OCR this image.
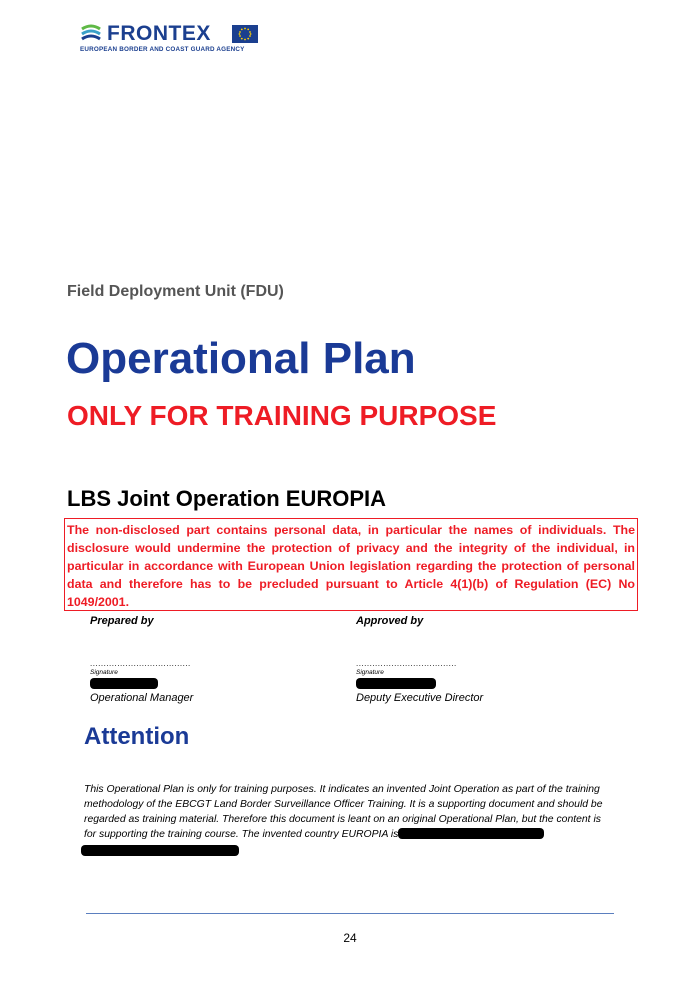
FRONTEX
EUROPEAN BORDER AND COAST GUARD AGENCY
Field Deployment Unit (FDU)
Operational Plan
ONLY FOR TRAINING PURPOSE
LBS Joint Operation EUROPIA
The non-disclosed part contains personal data, in particular the names of individuals. The disclosure would undermine the protection of privacy and the integrity of the individual, in particular in accordance with European Union legislation regarding the protection of personal data and therefore has to be precluded pursuant to Article 4(1)(b) of Regulation (EC) No 1049/2001.
Prepared by
.....................................
Signature
Operational Manager
Approved by
.....................................
Signature
Deputy Executive Director
Attention
This Operational Plan is only for training purposes. It indicates an invented Joint Operation as part of the training methodology of the EBCGT Land Border Surveillance Officer Training. It is a supporting document and should be regarded as training material. Therefore this document is leant on an original Operational Plan, but the content is for supporting the training course. The invented country EUROPIA is
24
